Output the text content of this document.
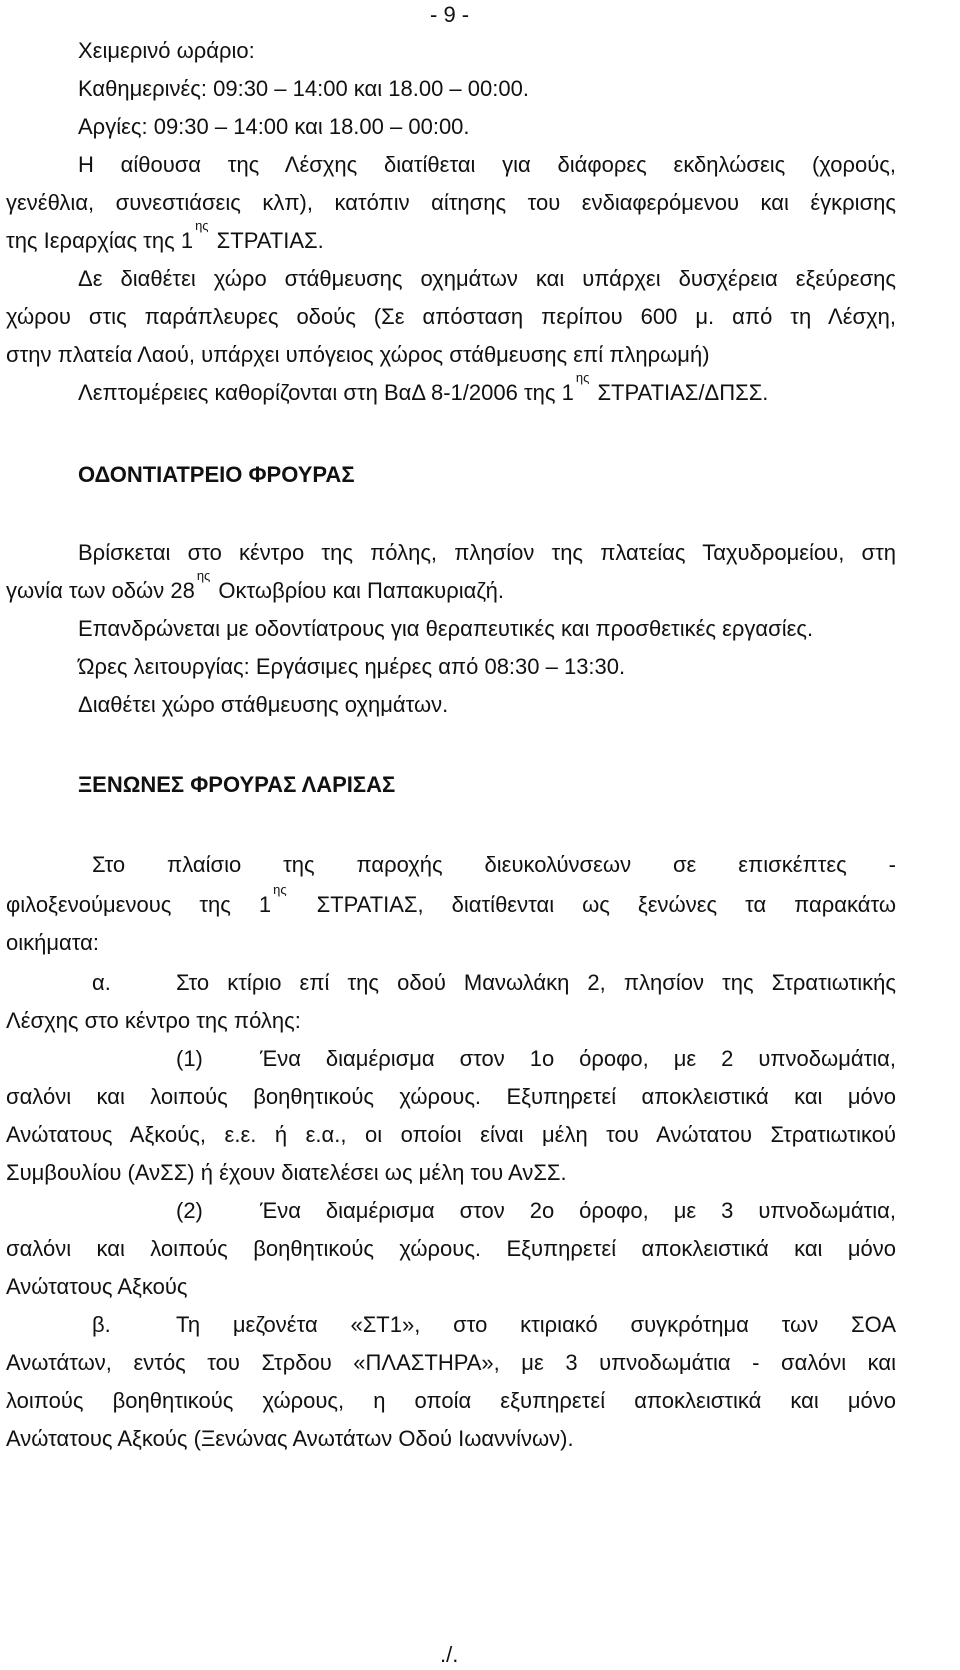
- 9 -

Χειμερινό ωράριο:

Καθημερινές: 09:30 – 14:00 και 18.00 – 00:00.

Αργίες: 09:30 – 14:00 και 18.00 – 00:00.

Η αίθουσα της Λέσχης διατίθεται για διάφορες εκδηλώσεις (χορούς,

γενέθλια, συνεστιάσεις κλπ), κατόπιν αίτησης του ενδιαφερόμενου και έγκρισης

της Ιεραρχίας της $1^{\eta\varsigma}$ ΣΤΡΑΤΙΑΣ.

Δε διαθέτει χώρο στάθμευσης οχημάτων και υπάρχει δυσχέρεια εξεύρεσης

χώρου στις παράπλευρες οδούς (Σε απόσταση περίπου 600 μ. από τη Λέσχη,

στην πλατεία Λαού, υπάρχει υπόγειος χώρος στάθμευσης επί πληρωμή)

Λεπτομέρειες καθορίζονται στη ΒαΔ 8-1/2006 της $1^{\eta\varsigma}$ ΣΤΡΑΤΙΑΣ/ΔΠΣΣ.

ΟΔΟΝΤΙΑΤΡΕΙΟ ΦΡΟΥΡΑΣ

Βρίσκεται στο κέντρο της πόλης, πλησίον της πλατείας Ταχυδρομείου, στη

γωνία των οδών $28^{\eta\varsigma}$ Οκτωβρίου και Παπακυριαζή.

Επανδρώνεται με οδοντίατρους για θεραπευτικές και προσθετικές εργασίες.

Ώρες λειτουργίας: Εργάσιμες ημέρες από 08:30 – 13:30.

Διαθέτει χώρο στάθμευσης οχημάτων.

ΞΕΝΩΝΕΣ ΦΡΟΥΡΑΣ ΛΑΡΙΣΑΣ

Στο πλαίσιο της παροχής διευκολύνσεων σε επισκέπτες -

φιλοξενούμενους της $1^{\eta\varsigma}$ ΣΤΡΑΤΙΑΣ, διατίθενται ως ξενώνες τα παρακάτω

οικήματα:

α.	Στο κτίριο επί της οδού Μανωλάκη 2, πλησίον της Στρατιωτικής

Λέσχης στο κέντρο της πόλης:

(1)	Ένα διαμέρισμα στον 1ο όροφο, με 2 υπνοδωμάτια,

σαλόνι και λοιπούς βοηθητικούς χώρους. Εξυπηρετεί αποκλειστικά και μόνο

Ανώτατους Αξκούς, ε.ε. ή ε.α., οι οποίοι είναι μέλη του Ανώτατου Στρατιωτικού

Συμβουλίου (ΑνΣΣ) ή έχουν διατελέσει ως μέλη του ΑνΣΣ.

(2)	Ένα διαμέρισμα στον 2ο όροφο, με 3 υπνοδωμάτια,

σαλόνι και λοιπούς βοηθητικούς χώρους. Εξυπηρετεί αποκλειστικά και μόνο

Ανώτατους Αξκούς

β.	Τη μεζονέτα «ΣΤ1», στο κτιριακό συγκρότημα των ΣΟΑ

Ανωτάτων, εντός του Στρδου «ΠΛΑΣΤΗΡΑ», με 3 υπνοδωμάτια - σαλόνι και

λοιπούς βοηθητικούς χώρους, η οποία εξυπηρετεί αποκλειστικά και μόνο

Ανώτατους Αξκούς (Ξενώνας Ανωτάτων Οδού Ιωαννίνων).

./.
